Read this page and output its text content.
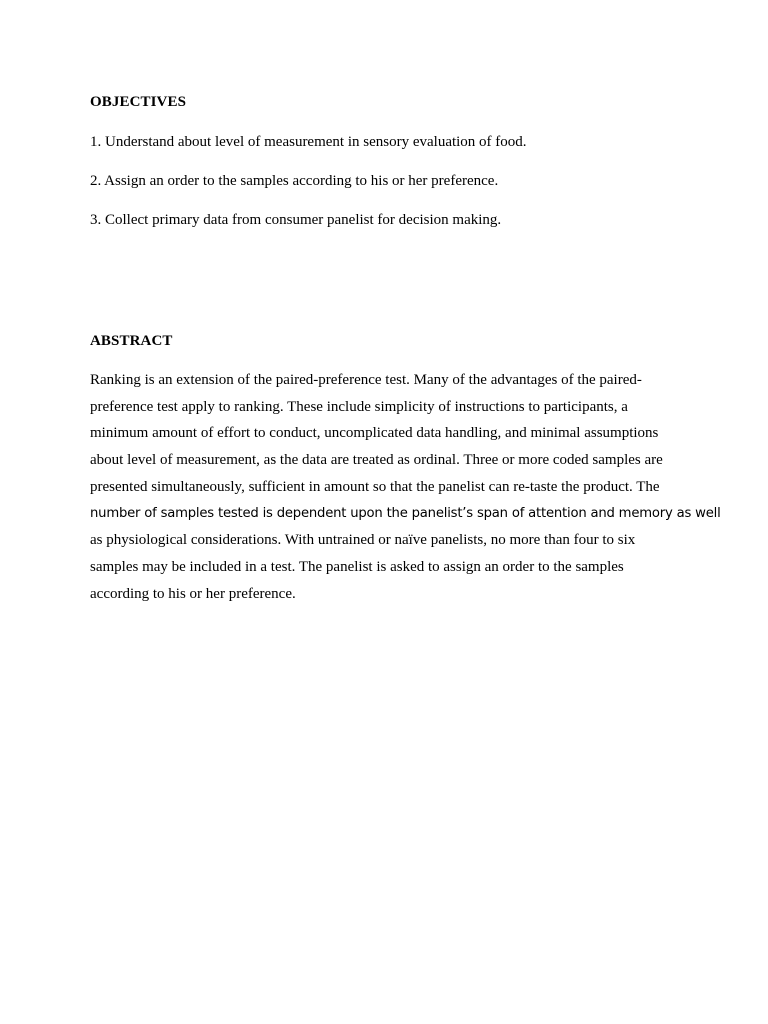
OBJECTIVES

1. Understand about level of measurement in sensory evaluation of food.

2. Assign an order to the samples according to his or her preference.

3. Collect primary data from consumer panelist for decision making.

ABSTRACT

Ranking is an extension of the paired-preference test. Many of the advantages of the paired-
preference test apply to ranking. These include simplicity of instructions to participants, a
minimum amount of effort to conduct, uncomplicated data handling, and minimal assumptions
about level of measurement, as the data are treated as ordinal. Three or more coded samples are
presented simultaneously, sufficient in amount so that the panelist can re-taste the product. The
number of samples tested is dependent upon the panelist’s span of attention and memory as well
as physiological considerations. With untrained or naïve panelists, no more than four to six
samples may be included in a test. The panelist is asked to assign an order to the samples
according to his or her preference.
